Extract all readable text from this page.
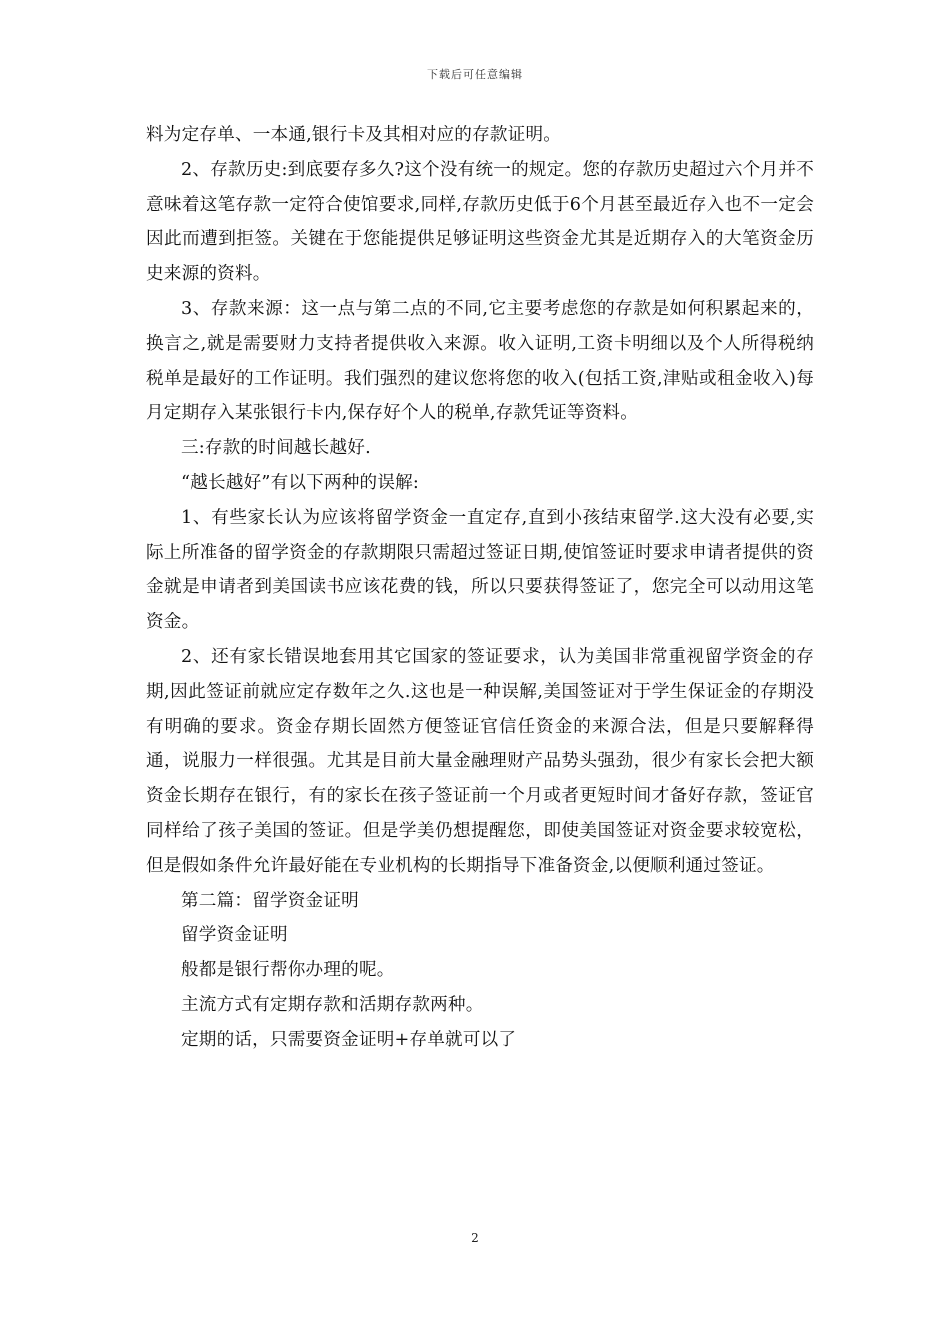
下载后可任意编辑

料为定存单、一本通,银行卡及其相对应的存款证明。

2、存款历史:到底要存多久?这个没有统一的规定。您的存款历史超过六个月并不意味着这笔存款一定符合使馆要求,同样,存款历史低于6个月甚至最近存入也不一定会因此而遭到拒签。关键在于您能提供足够证明这些资金尤其是近期存入的大笔资金历史来源的资料。

3、存款来源：这一点与第二点的不同,它主要考虑您的存款是如何积累起来的，换言之,就是需要财力支持者提供收入来源。收入证明,工资卡明细以及个人所得税纳税单是最好的工作证明。我们强烈的建议您将您的收入(包括工资,津贴或租金收入)每月定期存入某张银行卡内,保存好个人的税单,存款凭证等资料。

三:存款的时间越长越好.

“越长越好”有以下两种的误解:

1、有些家长认为应该将留学资金一直定存,直到小孩结束留学.这大没有必要,实际上所准备的留学资金的存款期限只需超过签证日期,使馆签证时要求申请者提供的资金就是申请者到美国读书应该花费的钱，所以只要获得签证了，您完全可以动用这笔资金。

2、还有家长错误地套用其它国家的签证要求，认为美国非常重视留学资金的存期,因此签证前就应定存数年之久.这也是一种误解,美国签证对于学生保证金的存期没有明确的要求。资金存期长固然方便签证官信任资金的来源合法，但是只要解释得通，说服力一样很强。尤其是目前大量金融理财产品势头强劲，很少有家长会把大额资金长期存在银行，有的家长在孩子签证前一个月或者更短时间才备好存款，签证官同样给了孩子美国的签证。但是学美仍想提醒您，即使美国签证对资金要求较宽松，但是假如条件允许最好能在专业机构的长期指导下准备资金,以便顺利通过签证。

第二篇：留学资金证明

留学资金证明

般都是银行帮你办理的呢。

主流方式有定期存款和活期存款两种。

定期的话，只需要资金证明+存单就可以了

2
